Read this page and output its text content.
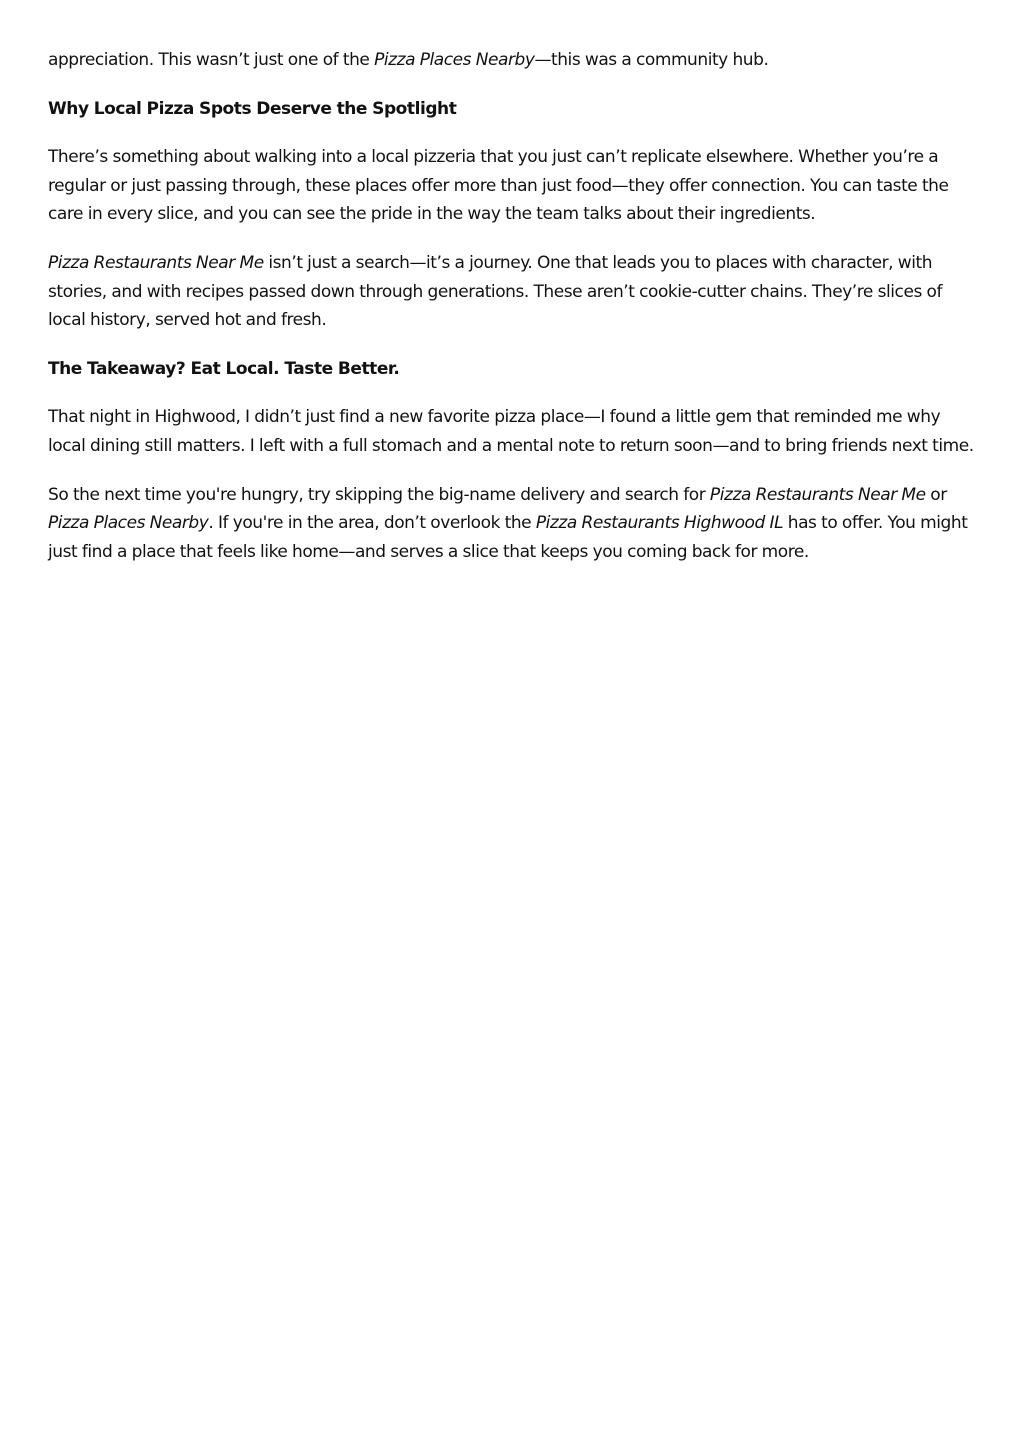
appreciation. This wasn’t just one of the Pizza Places Nearby—this was a community hub.

Why Local Pizza Spots Deserve the Spotlight

There’s something about walking into a local pizzeria that you just can’t replicate elsewhere. Whether you’re a regular or just passing through, these places offer more than just food—they offer connection. You can taste the care in every slice, and you can see the pride in the way the team talks about their ingredients.

Pizza Restaurants Near Me isn’t just a search—it’s a journey. One that leads you to places with character, with stories, and with recipes passed down through generations. These aren’t cookie-cutter chains. They’re slices of local history, served hot and fresh.

The Takeaway? Eat Local. Taste Better.

That night in Highwood, I didn’t just find a new favorite pizza place—I found a little gem that reminded me why local dining still matters. I left with a full stomach and a mental note to return soon—and to bring friends next time.

So the next time you're hungry, try skipping the big-name delivery and search for Pizza Restaurants Near Me or Pizza Places Nearby. If you're in the area, don’t overlook the Pizza Restaurants Highwood IL has to offer. You might just find a place that feels like home—and serves a slice that keeps you coming back for more.
